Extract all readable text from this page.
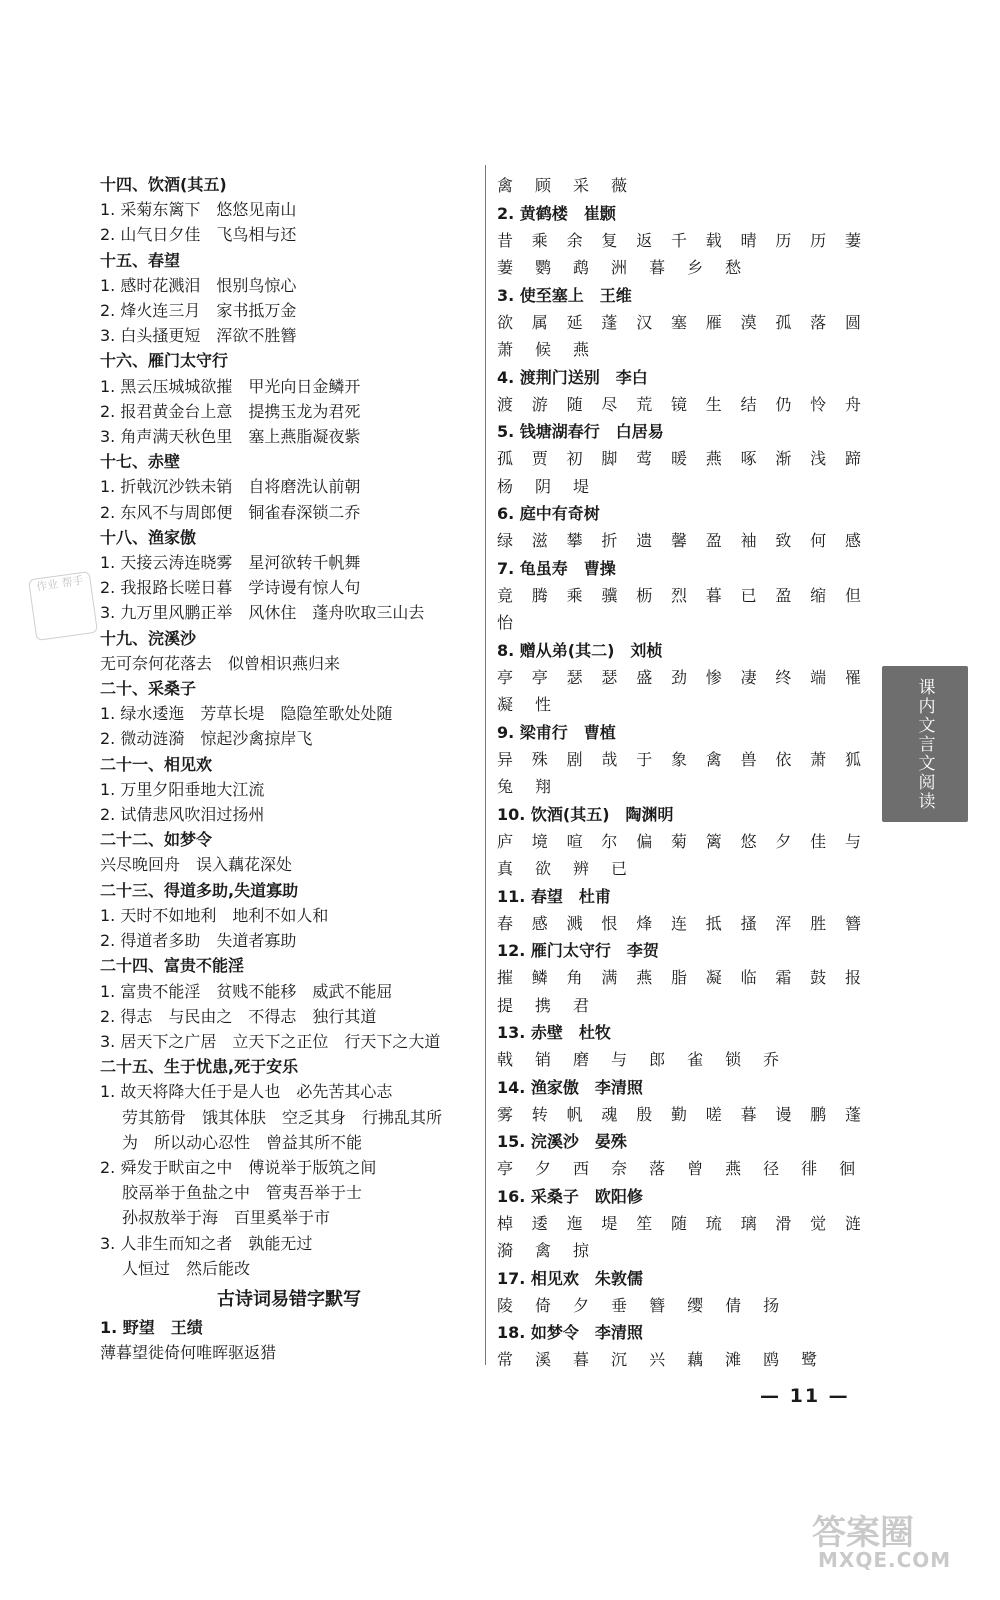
十四、饮酒(其五)
1. 采菊东篱下　悠悠见南山
2. 山气日夕佳　飞鸟相与还
十五、春望
1. 感时花溅泪　恨别鸟惊心
2. 烽火连三月　家书抵万金
3. 白头搔更短　浑欲不胜簪
十六、雁门太守行
1. 黑云压城城欲摧　甲光向日金鳞开
2. 报君黄金台上意　提携玉龙为君死
3. 角声满天秋色里　塞上燕脂凝夜紫
十七、赤壁
1. 折戟沉沙铁未销　自将磨洗认前朝
2. 东风不与周郎便　铜雀春深锁二乔
十八、渔家傲
1. 天接云涛连晓雾　星河欲转千帆舞
2. 我报路长嗟日暮　学诗谩有惊人句
3. 九万里风鹏正举　风休住　蓬舟吹取三山去
十九、浣溪沙
无可奈何花落去　似曾相识燕归来
二十、采桑子
1. 绿水逶迤　芳草长堤　隐隐笙歌处处随
2. 微动涟漪　惊起沙禽掠岸飞
二十一、相见欢
1. 万里夕阳垂地大江流
2. 试倩悲风吹泪过扬州
二十二、如梦令
兴尽晚回舟　误入藕花深处
二十三、得道多助,失道寡助
1. 天时不如地利　地利不如人和
2. 得道者多助　失道者寡助
二十四、富贵不能淫
1. 富贵不能淫　贫贱不能移　威武不能屈
2. 得志　与民由之　不得志　独行其道
3. 居天下之广居　立天下之正位　行天下之大道
二十五、生于忧患,死于安乐
1. 故天将降大任于是人也　必先苦其心志
劳其筋骨　饿其体肤　空乏其身　行拂乱其所
为　所以动心忍性　曾益其所不能
2. 舜发于畎亩之中　傅说举于版筑之间
胶鬲举于鱼盐之中　管夷吾举于士
孙叔敖举于海　百里奚举于市
3. 人非生而知之者　孰能无过
人恒过　然后能改
古诗词易错字默写
1. 野望　王绩
薄暮望徙倚何唯晖驱返猎
禽 顾 采 薇
2. 黄鹤楼　崔颢
昔 乘 余 复 返 千 载 晴 历 历 萋
萋 鹦 鹉 洲 暮 乡 愁
3. 使至塞上　王维
欲 属 延 蓬 汉 塞 雁 漠 孤 落 圆
萧 候 燕
4. 渡荆门送别　李白
渡 游 随 尽 荒 镜 生 结 仍 怜 舟
5. 钱塘湖春行　白居易
孤 贾 初 脚 莺 暖 燕 啄 渐 浅 蹄
杨 阴 堤
6. 庭中有奇树
绿 滋 攀 折 遗 馨 盈 袖 致 何 感
7. 龟虽寿　曹操
竟 腾 乘 骥 枥 烈 暮 已 盈 缩 但
怡
8. 赠从弟(其二)　刘桢
亭 亭 瑟 瑟 盛 劲 惨 凄 终 端 罹
凝 性
9. 梁甫行　曹植
异 殊 剧 哉 于 象 禽 兽 依 萧 狐
兔 翔
10. 饮酒(其五)　陶渊明
庐 境 喧 尔 偏 菊 篱 悠 夕 佳 与
真 欲 辨 已
11. 春望　杜甫
春 感 溅 恨 烽 连 抵 搔 浑 胜 簪
12. 雁门太守行　李贺
摧 鳞 角 满 燕 脂 凝 临 霜 鼓 报
提 携 君
13. 赤壁　杜牧
戟 销 磨 与 郎 雀 锁 乔
14. 渔家傲　李清照
雾 转 帆 魂 殷 勤 嗟 暮 谩 鹏 蓬
15. 浣溪沙　晏殊
亭 夕 西 奈 落 曾 燕 径 徘 徊
16. 采桑子　欧阳修
棹 逶 迤 堤 笙 随 琉 璃 滑 觉 涟
漪 禽 掠
17. 相见欢　朱敦儒
陵 倚 夕 垂 簪 缨 倩 扬
18. 如梦令　李清照
常 溪 暮 沉 兴 藕 滩 鸥 鹭
课内文言文阅读
— 11 —
作业 帮手
答案圈
MXQE.COM
